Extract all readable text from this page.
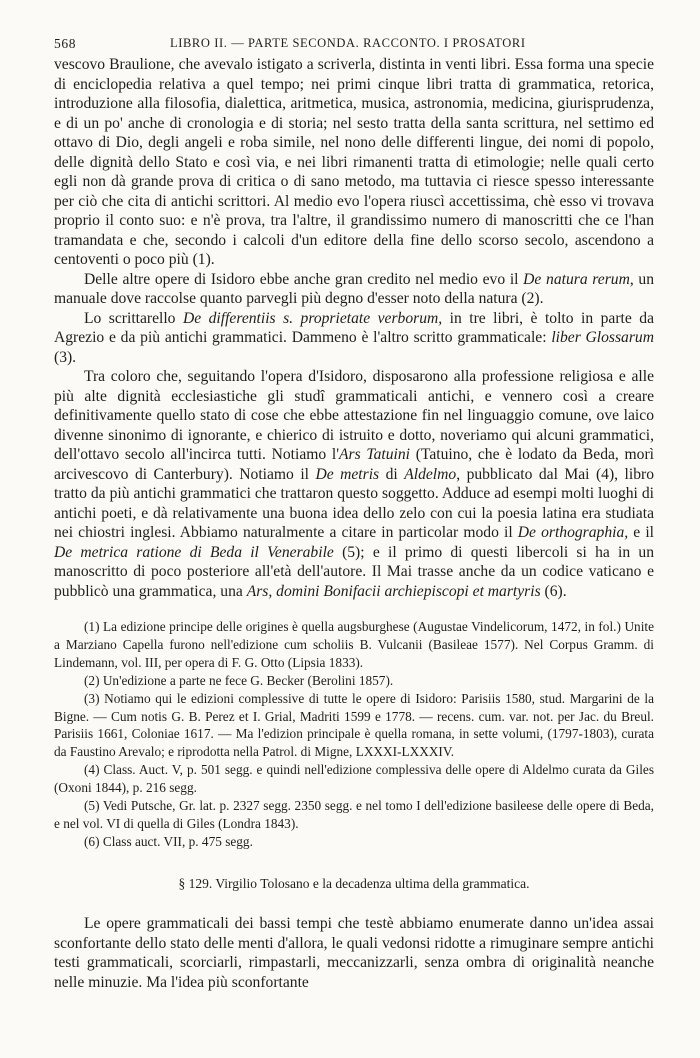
568	LIBRO II. — PARTE SECONDA. RACCONTO. I PROSATORI

vescovo Braulione, che avevalo istigato a scriverla, distinta in venti libri. Essa forma una specie di enciclopedia relativa a quel tempo; nei primi cinque libri tratta di grammatica, retorica, introduzione alla filosofia, dialettica, aritmetica, musica, astronomia, medicina, giurisprudenza, e di un po' anche di cronologia e di storia; nel sesto tratta della santa scrittura, nel settimo ed ottavo di Dio, degli angeli e roba simile, nel nono delle differenti lingue, dei nomi di popolo, delle dignità dello Stato e così via, e nei libri rimanenti tratta di etimologie; nelle quali certo egli non dà grande prova di critica o di sano metodo, ma tuttavia ci riesce spesso interessante per ciò che cita di antichi scrittori. Al medio evo l'opera riuscì accettissima, chè esso vi trovava proprio il conto suo: e n'è prova, tra l'altre, il grandissimo numero di manoscritti che ce l'han tramandata e che, secondo i calcoli d'un editore della fine dello scorso secolo, ascendono a centoventi o poco più (1).

Delle altre opere di Isidoro ebbe anche gran credito nel medio evo il De natura rerum, un manuale dove raccolse quanto parvegli più degno d'esser noto della natura (2).

Lo scrittarello De differentiis s. proprietate verborum, in tre libri, è tolto in parte da Agrezio e da più antichi grammatici. Dammeno è l'altro scritto grammaticale: liber Glossarum (3).

Tra coloro che, seguitando l'opera d'Isidoro, disposarono alla professione religiosa e alle più alte dignità ecclesiastiche gli studî grammaticali antichi, e vennero così a creare definitivamente quello stato di cose che ebbe attestazione fin nel linguaggio comune, ove laico divenne sinonimo di ignorante, e chierico di istruito e dotto, noveriamo qui alcuni grammatici, dell'ottavo secolo all'incirca tutti. Notiamo l'Ars Tatuini (Tatuino, che è lodato da Beda, morì arcivescovo di Canterbury). Notiamo il De metris di Aldelmo, pubblicato dal Mai (4), libro tratto da più antichi grammatici che trattaron questo soggetto. Adduce ad esempi molti luoghi di antichi poeti, e dà relativamente una buona idea dello zelo con cui la poesia latina era studiata nei chiostri inglesi. Abbiamo naturalmente a citare in particolar modo il De orthographia, e il De metrica ratione di Beda il Venerabile (5); e il primo di questi libercoli si ha in un manoscritto di poco posteriore all'età dell'autore. Il Mai trasse anche da un codice vaticano e pubblicò una grammatica, una Ars, domini Bonifacii archiepiscopi et martyris (6).

(1) La edizione principe delle origines è quella augsburghese (Augustae Vindelicorum, 1472, in fol.) Unite a Marziano Capella furono nell'edizione cum scholiis B. Vulcanii (Basileae 1577). Nel Corpus Gramm. di Lindemann, vol. III, per opera di F. G. Otto (Lipsia 1833).

(2) Un'edizione a parte ne fece G. Becker (Berolini 1857).

(3) Notiamo qui le edizioni complessive di tutte le opere di Isidoro: Parisiis 1580, stud. Margarini de la Bigne. — Cum notis G. B. Perez et I. Grial, Madriti 1599 e 1778. — recens. cum. var. not. per Jac. du Breul. Parisiis 1661, Coloniae 1617. — Ma l'edizion principale è quella romana, in sette volumi, (1797-1803), curata da Faustino Arevalo; e riprodotta nella Patrol. di Migne, LXXXI-LXXXIV.

(4) Class. Auct. V, p. 501 segg. e quindi nell'edizione complessiva delle opere di Aldelmo curata da Giles (Oxoni 1844), p. 216 segg.

(5) Vedi Putsche, Gr. lat. p. 2327 segg. 2350 segg. e nel tomo I dell'edizione basileese delle opere di Beda, e nel vol. VI di quella di Giles (Londra 1843).

(6) Class auct. VII, p. 475 segg.

§ 129. Virgilio Tolosano e la decadenza ultima della grammatica.

Le opere grammaticali dei bassi tempi che testè abbiamo enumerate danno un'idea assai sconfortante dello stato delle menti d'allora, le quali vedonsi ridotte a rimuginare sempre antichi testi grammaticali, scorciarli, rimpastarli, meccanizzarli, senza ombra di originalità neanche nelle minuzie. Ma l'idea più sconfortante
